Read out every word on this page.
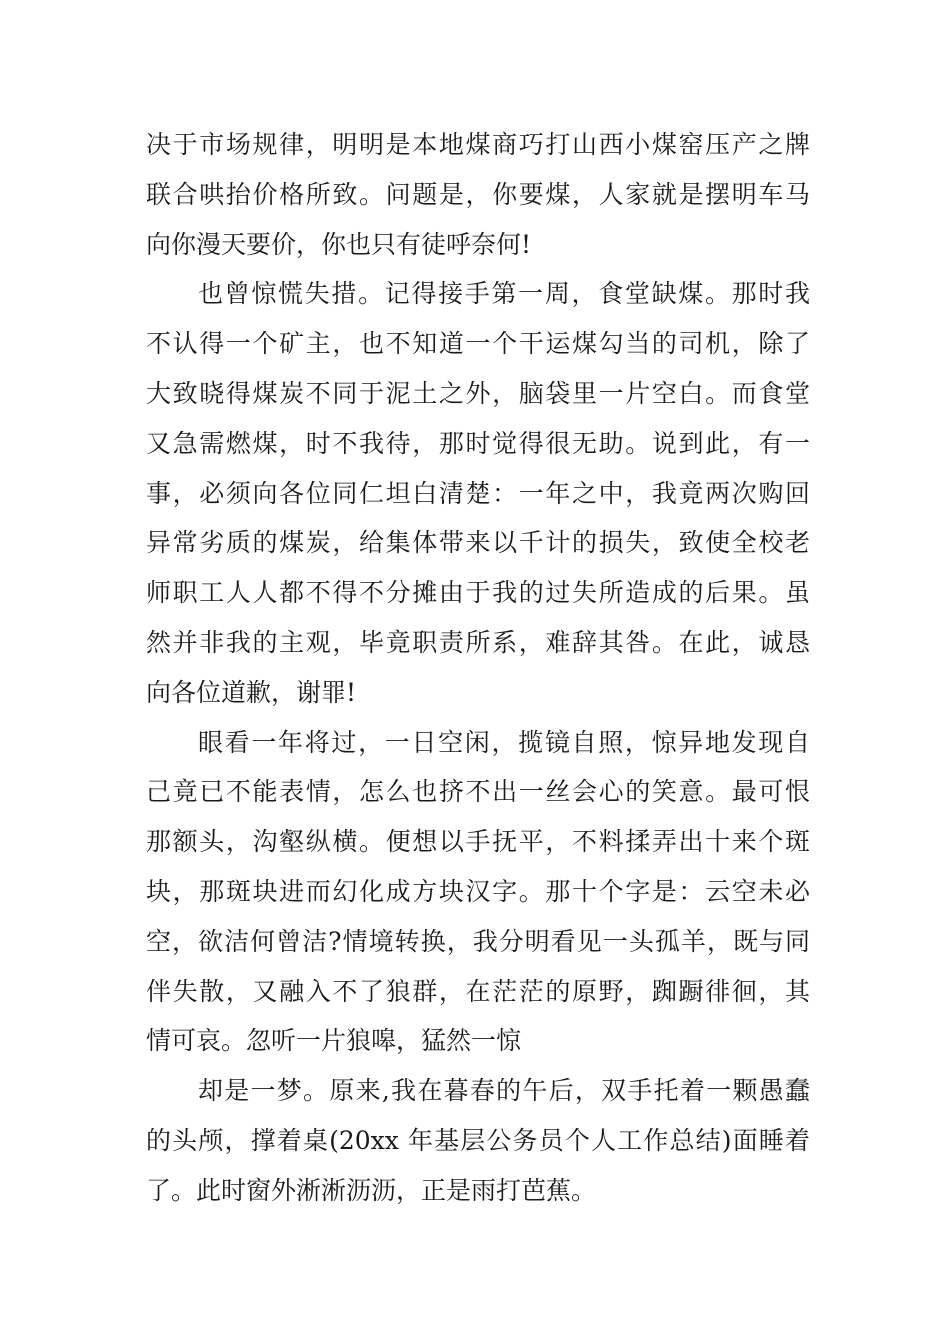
决于市场规律，明明是本地煤商巧打山西小煤窑压产之牌
联合哄抬价格所致。问题是，你要煤，人家就是摆明车马
向你漫天要价，你也只有徒呼奈何!
也曾惊慌失措。记得接手第一周，食堂缺煤。那时我
不认得一个矿主，也不知道一个干运煤勾当的司机，除了
大致晓得煤炭不同于泥土之外，脑袋里一片空白。而食堂
又急需燃煤，时不我待，那时觉得很无助。说到此，有一
事，必须向各位同仁坦白清楚：一年之中，我竟两次购回
异常劣质的煤炭，给集体带来以千计的损失，致使全校老
师职工人人都不得不分摊由于我的过失所造成的后果。虽
然并非我的主观，毕竟职责所系，难辞其咎。在此，诚恳
向各位道歉，谢罪!
眼看一年将过，一日空闲，揽镜自照，惊异地发现自
己竟已不能表情，怎么也挤不出一丝会心的笑意。最可恨
那额头，沟壑纵横。便想以手抚平，不料揉弄出十来个斑
块，那斑块进而幻化成方块汉字。那十个字是：云空未必
空，欲洁何曾洁?情境转换，我分明看见一头孤羊，既与同
伴失散，又融入不了狼群，在茫茫的原野，踟蹰徘徊，其
情可哀。忽听一片狼嗥，猛然一惊
却是一梦。原来,我在暮春的午后，双手托着一颗愚蠢
的头颅，撑着桌(20xx 年基层公务员个人工作总结)面睡着
了。此时窗外淅淅沥沥，正是雨打芭蕉。
